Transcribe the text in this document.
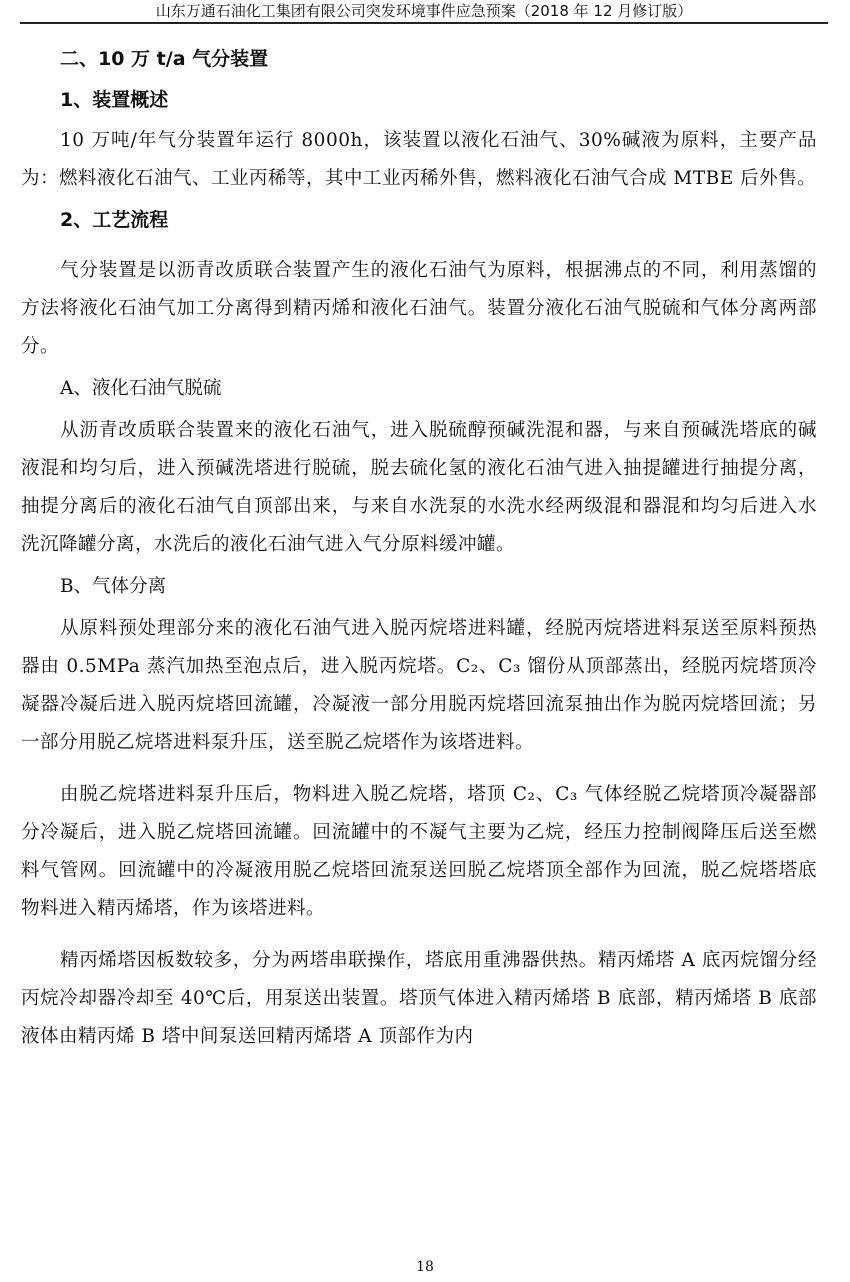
山东万通石油化工集团有限公司突发环境事件应急预案（2018 年 12 月修订版）
二、10 万 t/a 气分装置
1、装置概述

10 万吨/年气分装置年运行 8000h，该装置以液化石油气、30%碱液为原料，主要产品为：燃料液化石油气、工业丙稀等，其中工业丙稀外售，燃料液化石油气合成 MTBE 后外售。

2、工艺流程

气分装置是以沥青改质联合装置产生的液化石油气为原料，根据沸点的不同，利用蒸馏的方法将液化石油气加工分离得到精丙烯和液化石油气。装置分液化石油气脱硫和气体分离两部分。

A、液化石油气脱硫

从沥青改质联合装置来的液化石油气，进入脱硫醇预碱洗混和器，与来自预碱洗塔底的碱液混和均匀后，进入预碱洗塔进行脱硫，脱去硫化氢的液化石油气进入抽提罐进行抽提分离，抽提分离后的液化石油气自顶部出来，与来自水洗泵的水洗水经两级混和器混和均匀后进入水洗沉降罐分离，水洗后的液化石油气进入气分原料缓冲罐。

B、气体分离

从原料预处理部分来的液化石油气进入脱丙烷塔进料罐，经脱丙烷塔进料泵送至原料预热器由 0.5MPa 蒸汽加热至泡点后，进入脱丙烷塔。C₂、C₃ 馏份从顶部蒸出，经脱丙烷塔顶冷凝器冷凝后进入脱丙烷塔回流罐，冷凝液一部分用脱丙烷塔回流泵抽出作为脱丙烷塔回流；另一部分用脱乙烷塔进料泵升压，送至脱乙烷塔作为该塔进料。

由脱乙烷塔进料泵升压后，物料进入脱乙烷塔，塔顶 C₂、C₃ 气体经脱乙烷塔顶冷凝器部分冷凝后，进入脱乙烷塔回流罐。回流罐中的不凝气主要为乙烷，经压力控制阀降压后送至燃料气管网。回流罐中的冷凝液用脱乙烷塔回流泵送回脱乙烷塔顶全部作为回流，脱乙烷塔塔底物料进入精丙烯塔，作为该塔进料。

精丙烯塔因板数较多，分为两塔串联操作，塔底用重沸器供热。精丙烯塔 A 底丙烷馏分经丙烷冷却器冷却至 40℃后，用泵送出装置。塔顶气体进入精丙烯塔 B 底部，精丙烯塔 B 底部液体由精丙烯 B 塔中间泵送回精丙烯塔 A 顶部作为内

18
